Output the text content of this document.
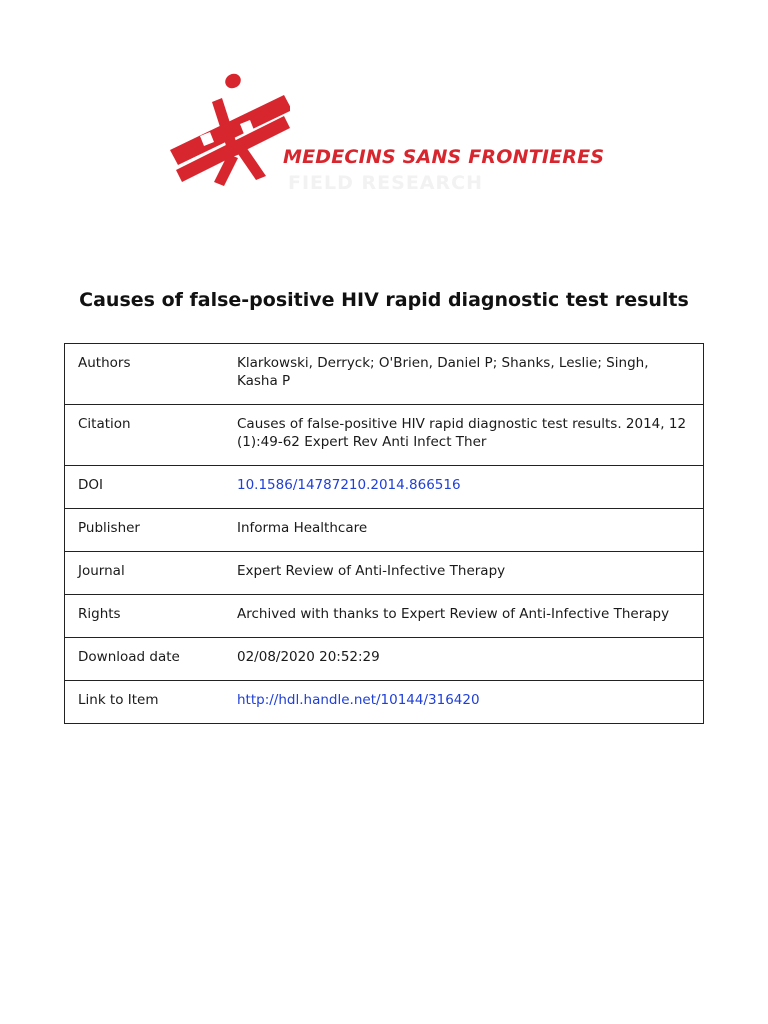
MEDECINS SANS FRONTIERES
FIELD RESEARCH
Causes of false-positive HIV rapid diagnostic test results
Authors	Klarkowski, Derryck; O'Brien, Daniel P; Shanks, Leslie; Singh, Kasha P
Citation	Causes of false-positive HIV rapid diagnostic test results. 2014, 12 (1):49-62 Expert Rev Anti Infect Ther
DOI	10.1586/14787210.2014.866516
Publisher	Informa Healthcare
Journal	Expert Review of Anti-Infective Therapy
Rights	Archived with thanks to Expert Review of Anti-Infective Therapy
Download date	02/08/2020 20:52:29
Link to Item	http://hdl.handle.net/10144/316420
